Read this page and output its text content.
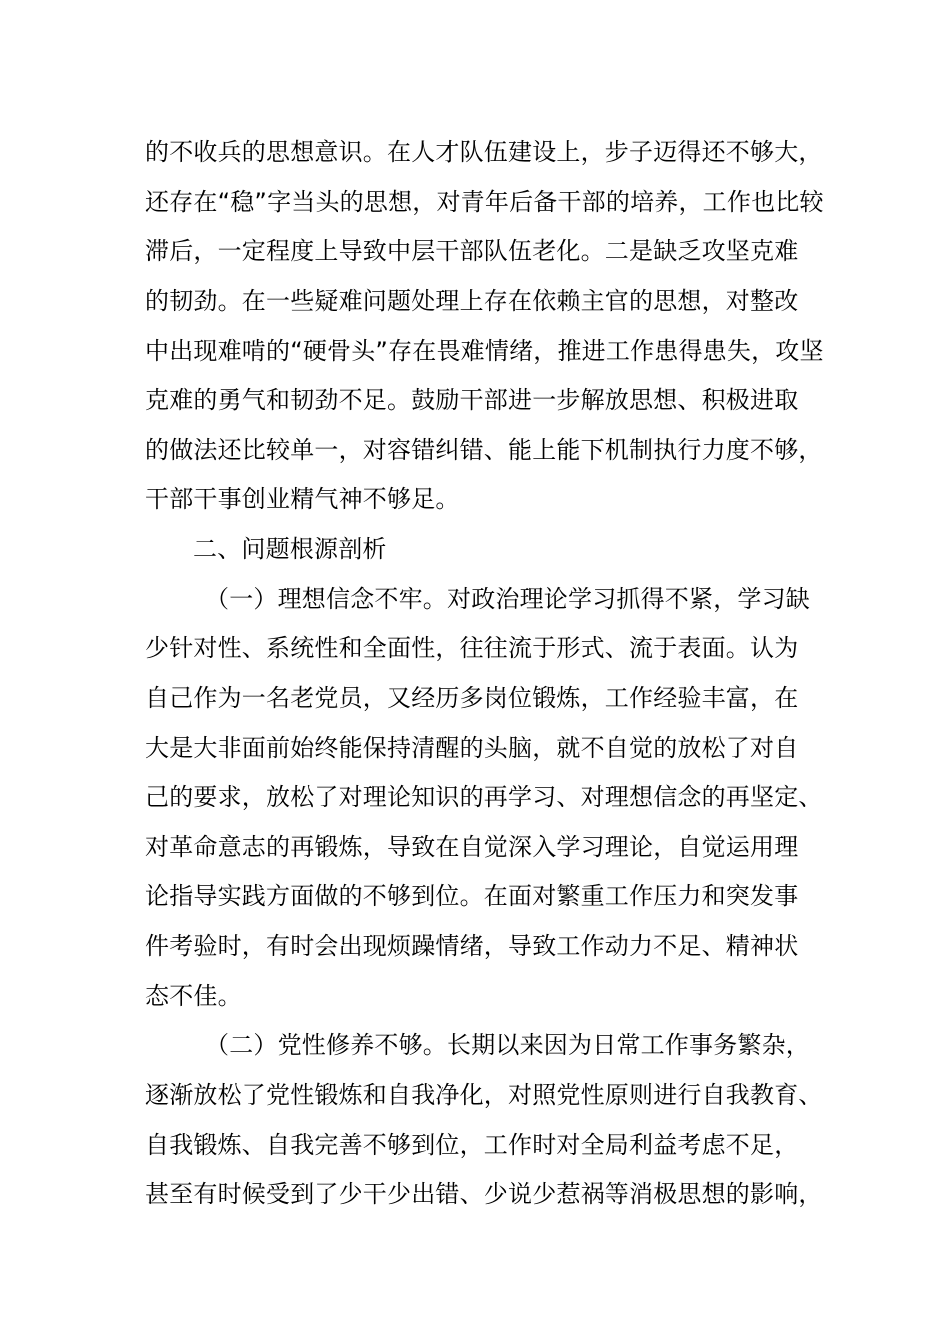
的不收兵的思想意识。在人才队伍建设上，步子迈得还不够大，
还存在“稳”字当头的思想，对青年后备干部的培养，工作也比较
滞后，一定程度上导致中层干部队伍老化。二是缺乏攻坚克难
的韧劲。在一些疑难问题处理上存在依赖主官的思想，对整改
中出现难啃的“硬骨头”存在畏难情绪，推进工作患得患失，攻坚
克难的勇气和韧劲不足。鼓励干部进一步解放思想、积极进取
的做法还比较单一，对容错纠错、能上能下机制执行力度不够，
干部干事创业精气神不够足。
二、问题根源剖析
（一）理想信念不牢。对政治理论学习抓得不紧，学习缺
少针对性、系统性和全面性，往往流于形式、流于表面。认为
自己作为一名老党员，又经历多岗位锻炼，工作经验丰富，在
大是大非面前始终能保持清醒的头脑，就不自觉的放松了对自
己的要求，放松了对理论知识的再学习、对理想信念的再坚定、
对革命意志的再锻炼，导致在自觉深入学习理论，自觉运用理
论指导实践方面做的不够到位。在面对繁重工作压力和突发事
件考验时，有时会出现烦躁情绪，导致工作动力不足、精神状
态不佳。
（二）党性修养不够。长期以来因为日常工作事务繁杂，
逐渐放松了党性锻炼和自我净化，对照党性原则进行自我教育、
自我锻炼、自我完善不够到位，工作时对全局利益考虑不足，
甚至有时候受到了少干少出错、少说少惹祸等消极思想的影响，
